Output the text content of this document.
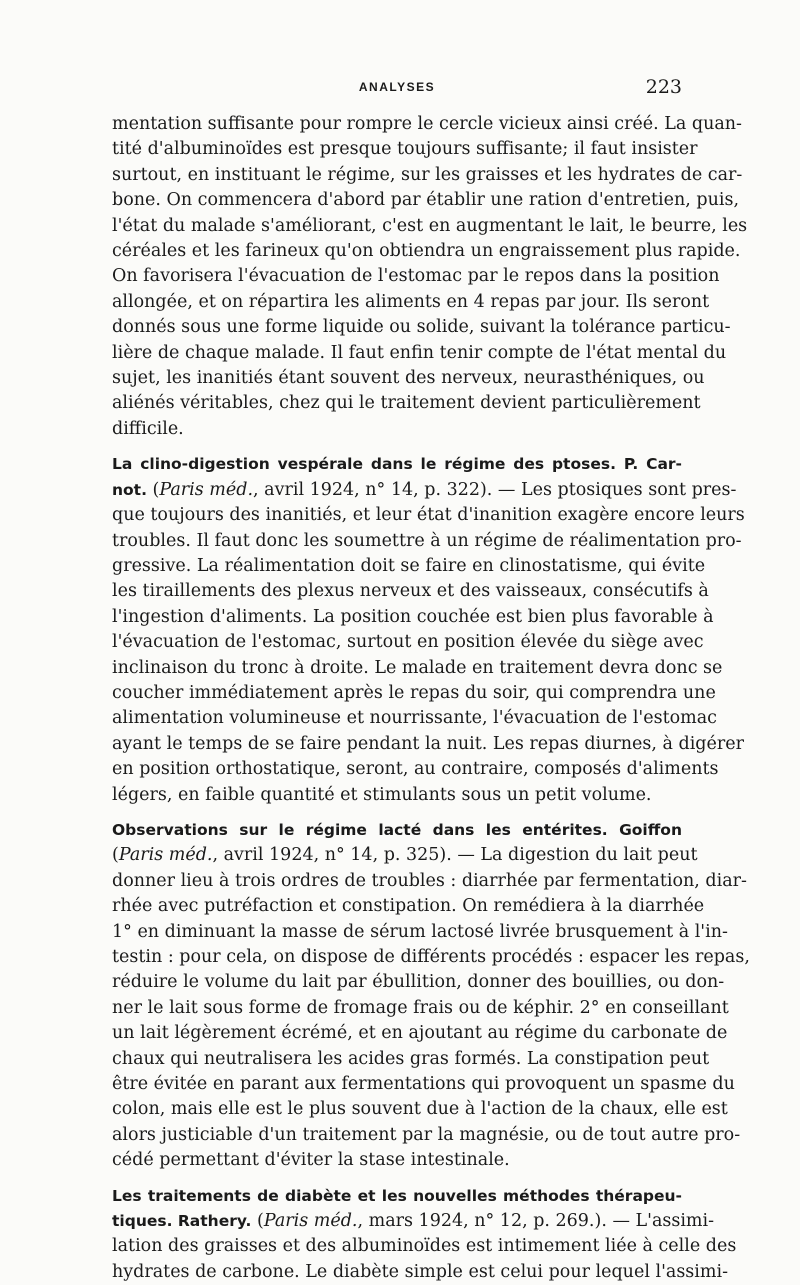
ANALYSES	223

mentation suffisante pour rompre le cercle vicieux ainsi créé. La quan-
tité d'albuminoïdes est presque toujours suffisante; il faut insister
surtout, en instituant le régime, sur les graisses et les hydrates de car-
bone. On commencera d'abord par établir une ration d'entretien, puis,
l'état du malade s'améliorant, c'est en augmentant le lait, le beurre, les
céréales et les farineux qu'on obtiendra un engraissement plus rapide.
On favorisera l'évacuation de l'estomac par le repos dans la position
allongée, et on répartira les aliments en 4 repas par jour. Ils seront
donnés sous une forme liquide ou solide, suivant la tolérance particu-
lière de chaque malade. Il faut enfin tenir compte de l'état mental du
sujet, les inanitiés étant souvent des nerveux, neurasthéniques, ou
aliénés véritables, chez qui le traitement devient particulièrement
difficile.

La clino-digestion vespérale dans le régime des ptoses. P. Car-
not. (Paris méd., avril 1924, n° 14, p. 322). — Les ptosiques sont pres-
que toujours des inanitiés, et leur état d'inanition exagère encore leurs
troubles. Il faut donc les soumettre à un régime de réalimentation pro-
gressive. La réalimentation doit se faire en clinostatisme, qui évite
les tiraillements des plexus nerveux et des vaisseaux, consécutifs à
l'ingestion d'aliments. La position couchée est bien plus favorable à
l'évacuation de l'estomac, surtout en position élevée du siège avec
inclinaison du tronc à droite. Le malade en traitement devra donc se
coucher immédiatement après le repas du soir, qui comprendra une
alimentation volumineuse et nourrissante, l'évacuation de l'estomac
ayant le temps de se faire pendant la nuit. Les repas diurnes, à digérer
en position orthostatique, seront, au contraire, composés d'aliments
légers, en faible quantité et stimulants sous un petit volume.

Observations sur le régime lacté dans les entérites. Goiffon
(Paris méd., avril 1924, n° 14, p. 325). — La digestion du lait peut
donner lieu à trois ordres de troubles : diarrhée par fermentation, diar-
rhée avec putréfaction et constipation. On remédiera à la diarrhée
1° en diminuant la masse de sérum lactosé livrée brusquement à l'in-
testin : pour cela, on dispose de différents procédés : espacer les repas,
réduire le volume du lait par ébullition, donner des bouillies, ou don-
ner le lait sous forme de fromage frais ou de képhir. 2° en conseillant
un lait légèrement écrémé, et en ajoutant au régime du carbonate de
chaux qui neutralisera les acides gras formés. La constipation peut
être évitée en parant aux fermentations qui provoquent un spasme du
colon, mais elle est le plus souvent due à l'action de la chaux, elle est
alors justiciable d'un traitement par la magnésie, ou de tout autre pro-
cédé permettant d'éviter la stase intestinale.

Les traitements de diabète et les nouvelles méthodes thérapeu-
tiques. Rathery. (Paris méd., mars 1924, n° 12, p. 269.). — L'assimi-
lation des graisses et des albuminoïdes est intimement liée à celle des
hydrates de carbone. Le diabète simple est celui pour lequel l'assimi-
